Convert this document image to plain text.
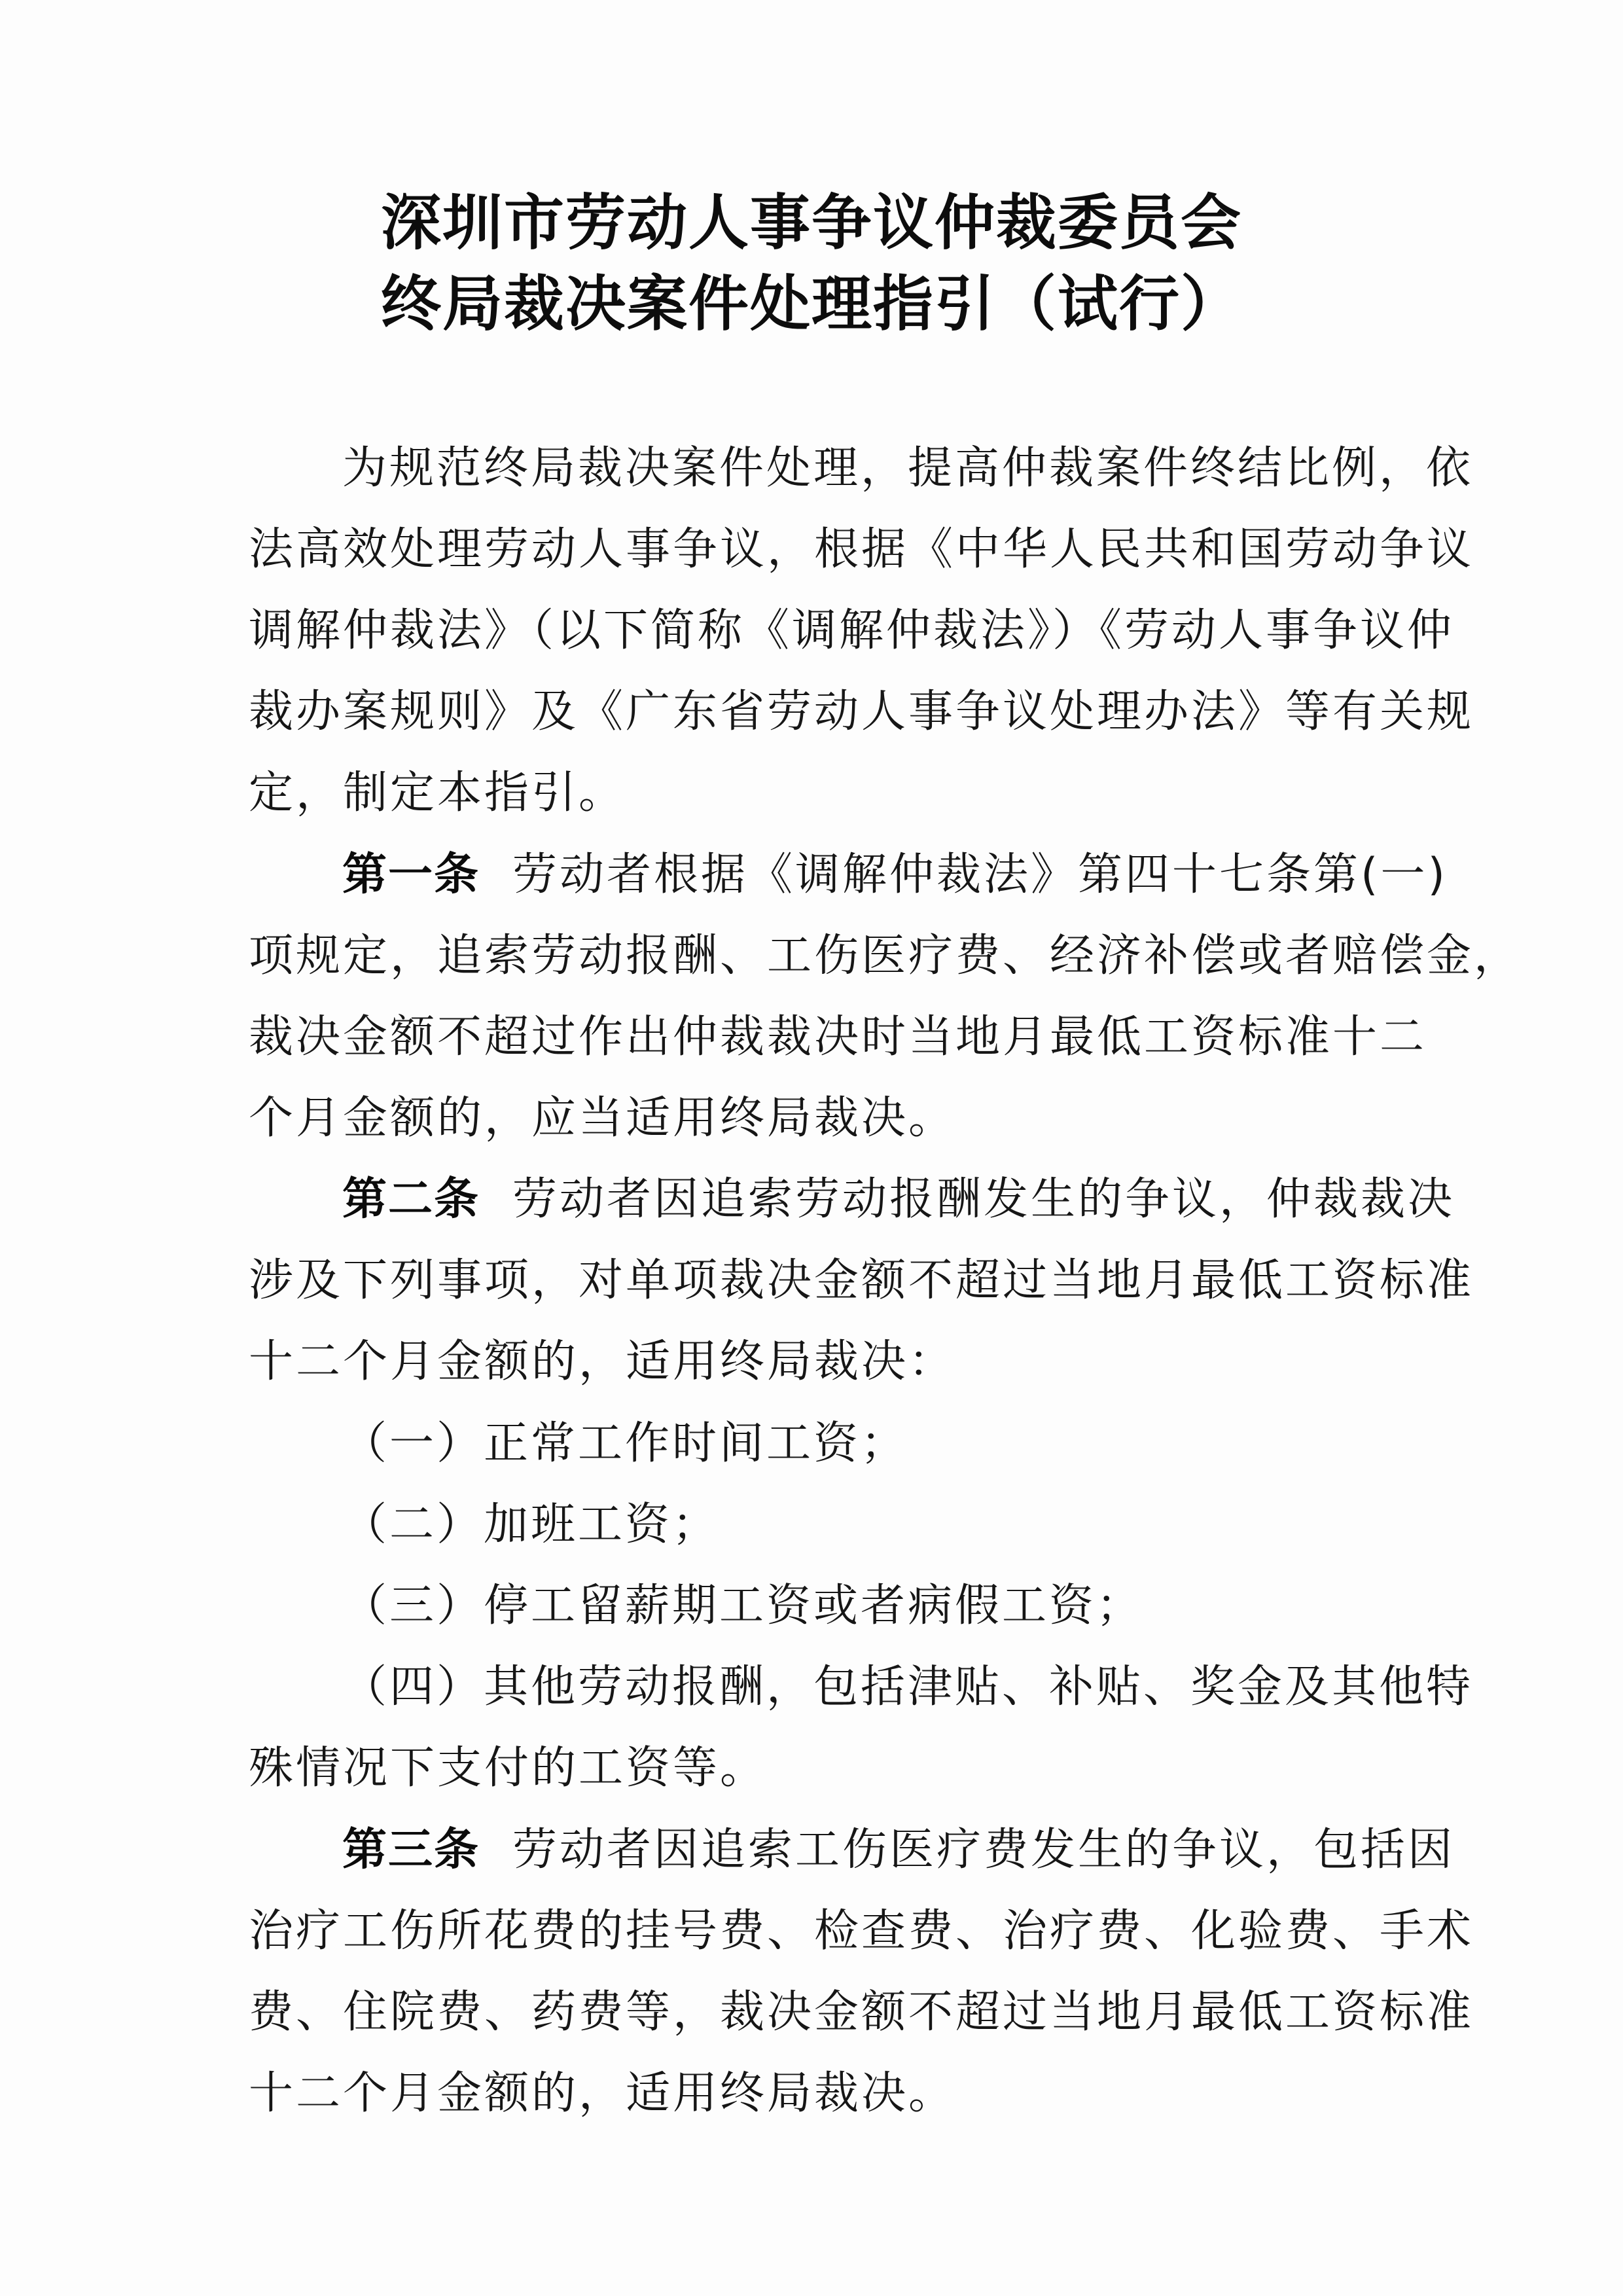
深圳市劳动人事争议仲裁委员会
终局裁决案件处理指引（试行）
为规范终局裁决案件处理，提高仲裁案件终结比例，依
法高效处理劳动人事争议，根据《中华人民共和国劳动争议
调解仲裁法》（以下简称《调解仲裁法》）《劳动人事争议仲
裁办案规则》及《广东省劳动人事争议处理办法》等有关规
定，制定本指引。
第一条 劳动者根据《调解仲裁法》第四十七条第(一)
项规定，追索劳动报酬、工伤医疗费、经济补偿或者赔偿金，
裁决金额不超过作出仲裁裁决时当地月最低工资标准十二
个月金额的，应当适用终局裁决。
第二条 劳动者因追索劳动报酬发生的争议，仲裁裁决
涉及下列事项，对单项裁决金额不超过当地月最低工资标准
十二个月金额的，适用终局裁决：
（一）正常工作时间工资；
（二）加班工资；
（三）停工留薪期工资或者病假工资；
（四）其他劳动报酬，包括津贴、补贴、奖金及其他特
殊情况下支付的工资等。
第三条 劳动者因追索工伤医疗费发生的争议，包括因
治疗工伤所花费的挂号费、检查费、治疗费、化验费、手术
费、住院费、药费等，裁决金额不超过当地月最低工资标准
十二个月金额的，适用终局裁决。
